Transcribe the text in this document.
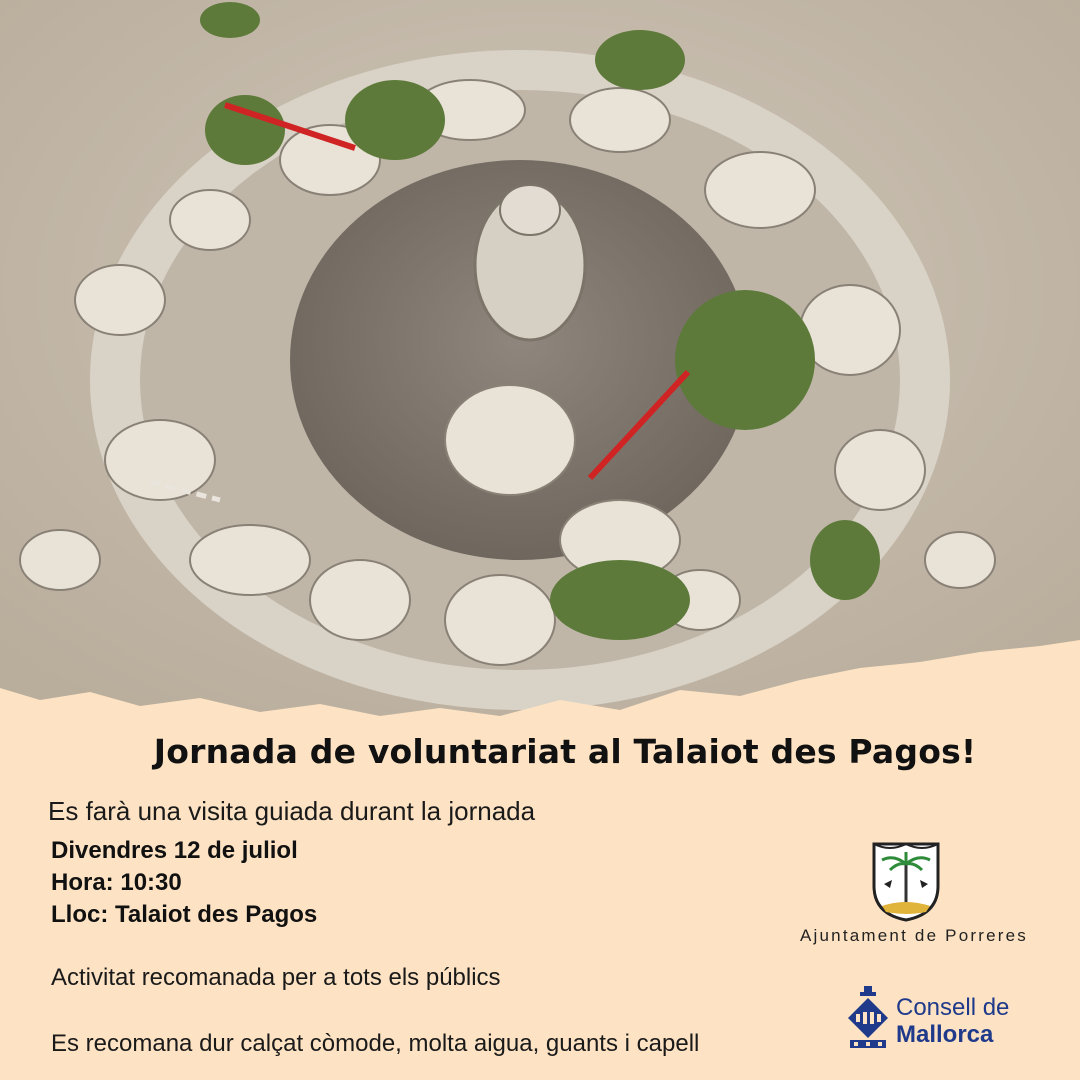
Jornada de voluntariat al Talaiot des Pagos!
Es farà una visita guiada durant la jornada
Divendres 12 de juliol
Hora: 10:30
Lloc: Talaiot des Pagos
Activitat recomanada per a tots els públics
Es recomana dur calçat còmode, molta aigua, guants i capell
Ajuntament de Porreres
Consell de
Mallorca
